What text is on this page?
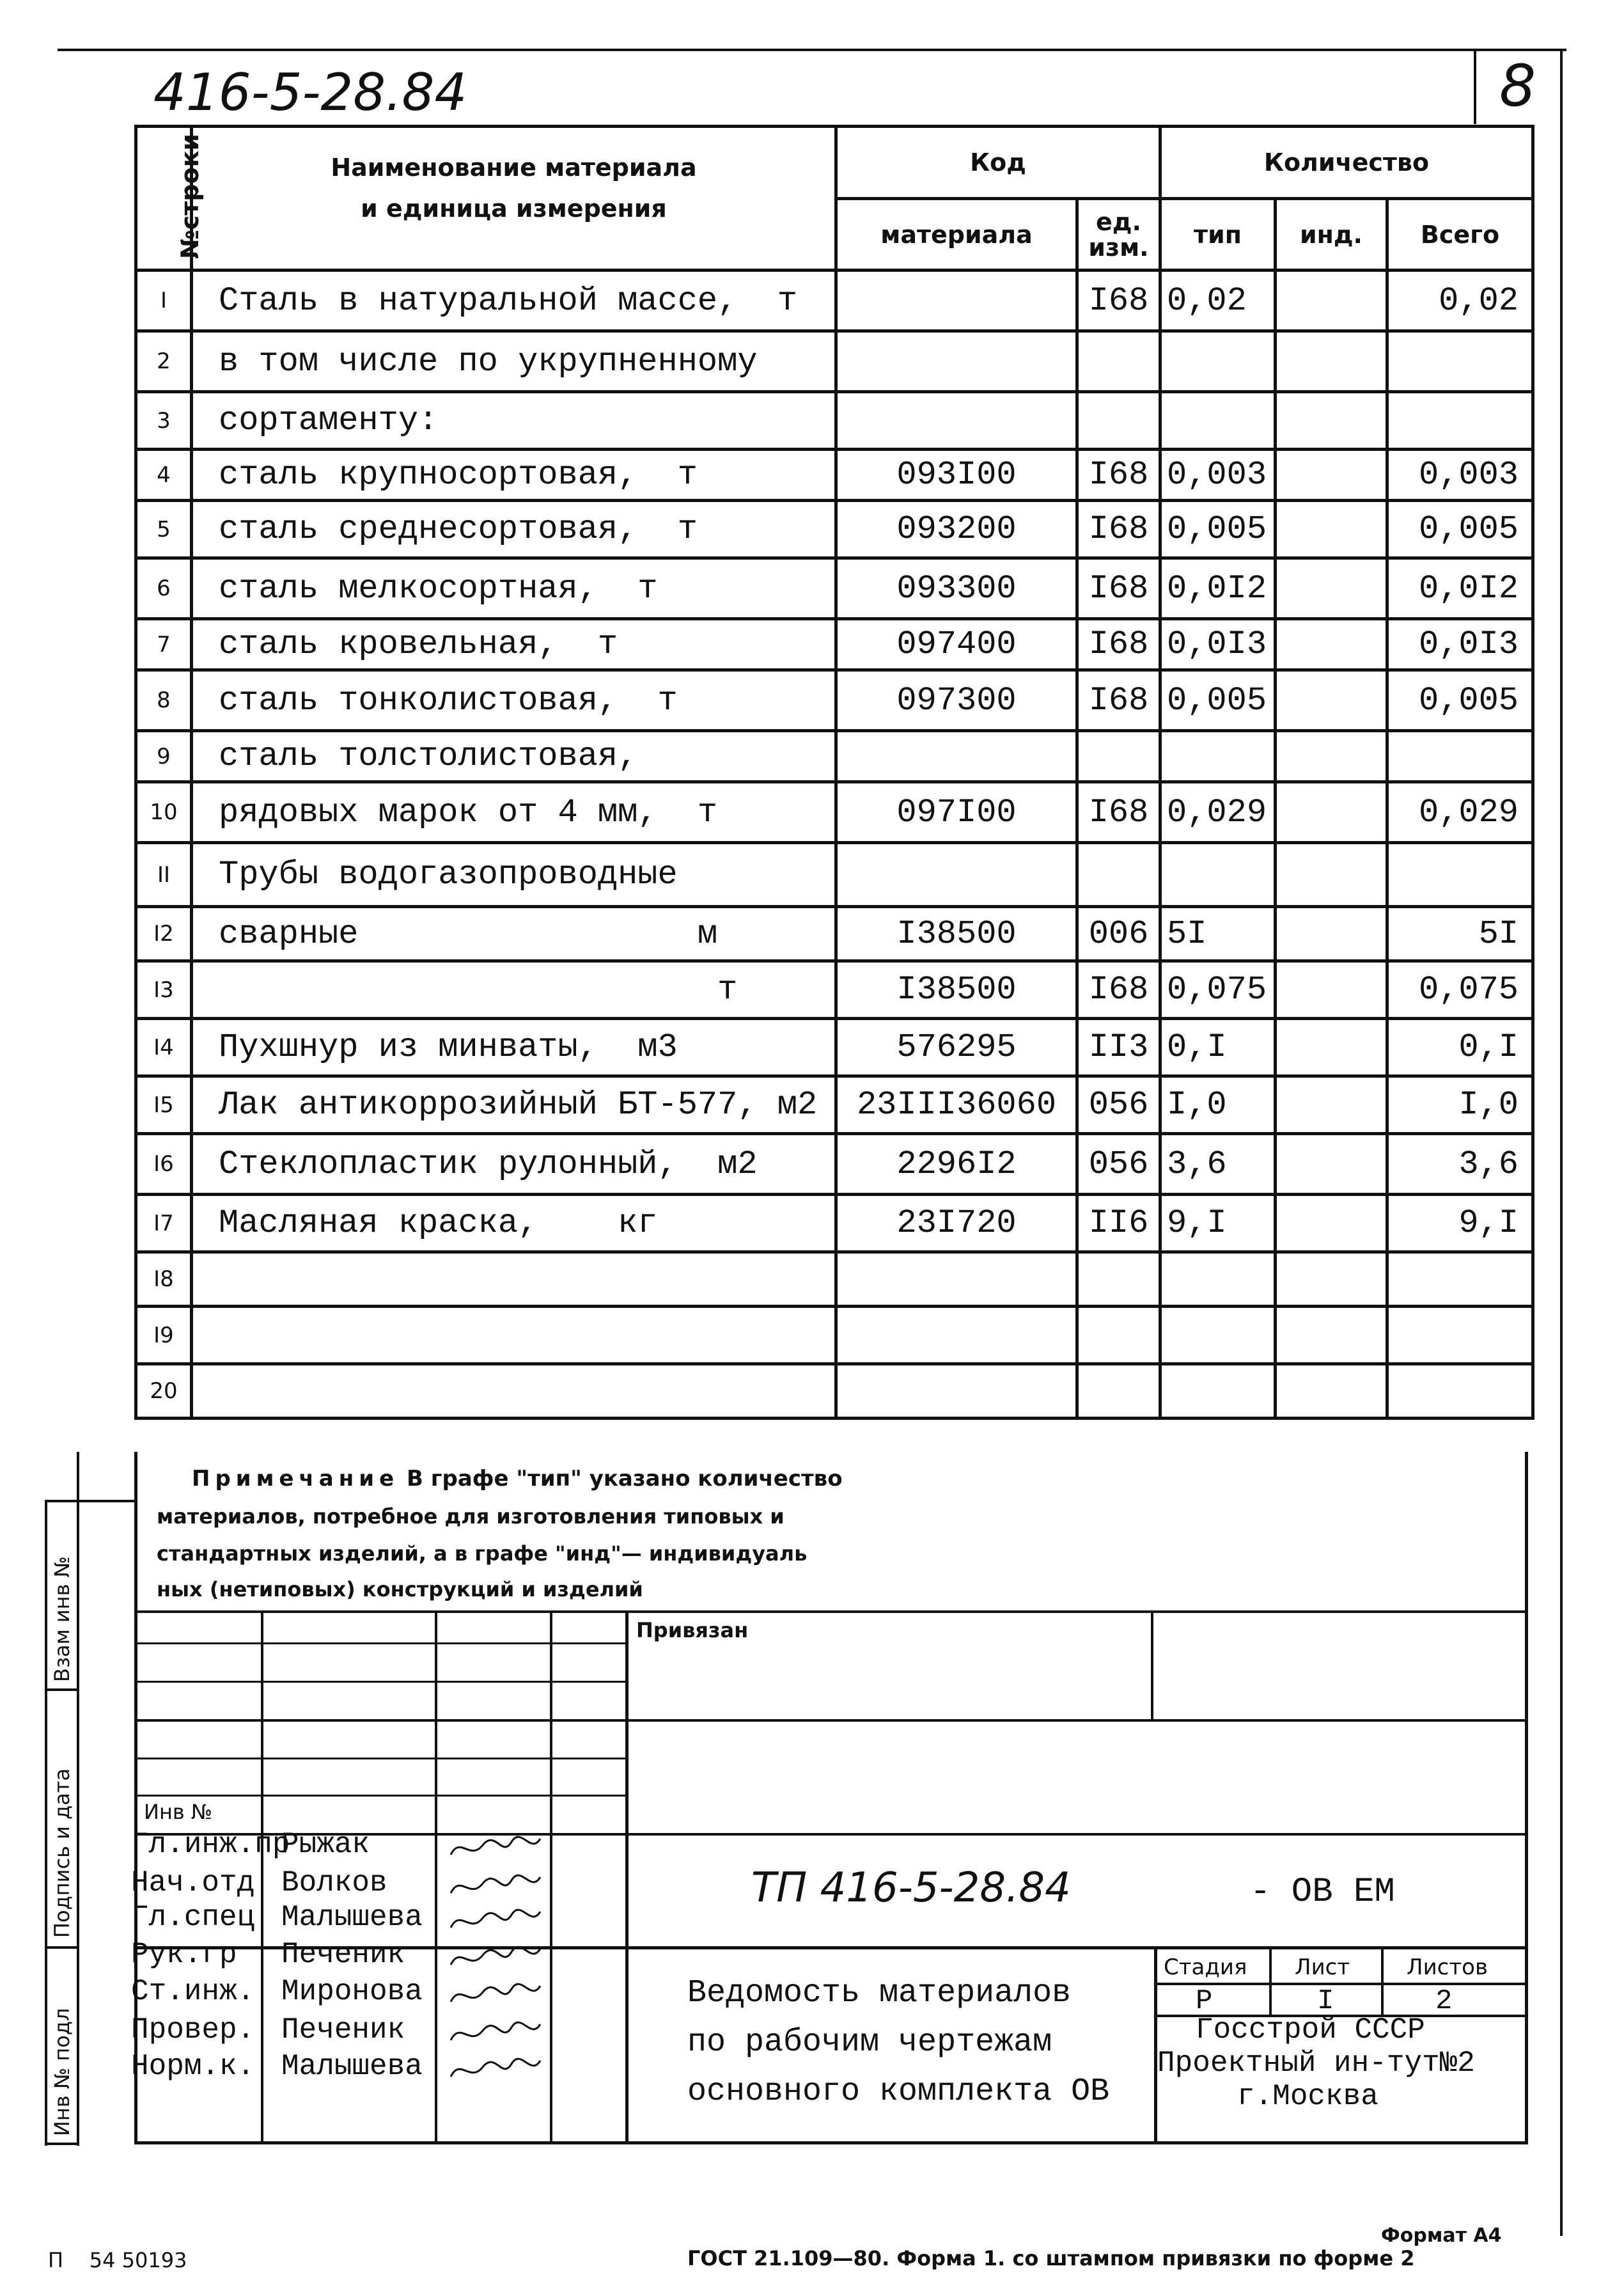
416-5-28.84	8
№строки	Наименование материала
и единица измерения	Код		Количество		
		материала	ед.
изм.	тип	инд.	Всего
I	Сталь в натуральной массе,  т		I68	0,02		0,02
2	в том числе по укрупненному					
3	сортаменту:					
4	сталь крупносортовая,  т	093I00	I68	0,003		0,003
5	сталь среднесортовая,  т	093200	I68	0,005		0,005
6	сталь мелкосортная,  т	093300	I68	0,0I2		0,0I2
7	сталь кровельная,  т	097400	I68	0,0I3		0,0I3
8	сталь тонколистовая,  т	097300	I68	0,005		0,005
9	сталь толстолистовая,					
10	рядовых марок от 4 мм,  т	097I00	I68	0,029		0,029
II	Трубы водогазопроводные					
I2	сварные                 м	I38500	006	5I		5I
I3	т	I38500	I68	0,075		0,075
I4	Пухшнур из минваты,  м3	576295	II3	0,I		0,I
I5	Лак антикоррозийный БТ-577, м2	23III36060	056	I,0		I,0
I6	Стеклопластик рулонный,  м2	2296I2	056	3,6		3,6
I7	Масляная краска,    кг	23I720	II6	9,I		9,I
I8						
I9						
20						
Примечание В графе "тип" указано количество
материалов, потребное для изготовления типовых и
стандартных изделий, а в графе "инд"— индивидуаль
ных (нетиповых) конструкций и изделий
Привязан
Инв №
Взам инв №
Подпись и дата
Инв № подл
Гл.инж.пр
Рыжак
Нач.отд Волков
Гл.спец Малышева
Рук.гр Печеник
Ст.инж. Миронова
Провер. Печеник
Норм.к. Малышева
ТП 416-5-28.84	- ОВ ЕМ
Ведомость материалов
по рабочим чертежам
основного комплекта ОВ
Стадия Лист	Листов
Р	I	2
Госстрой СССР
Проектный ин-тут№2
г.Москва
Формат А4
П    54 50193	ГОСТ 21.109—80. Форма 1. со штампом привязки по форме 2
